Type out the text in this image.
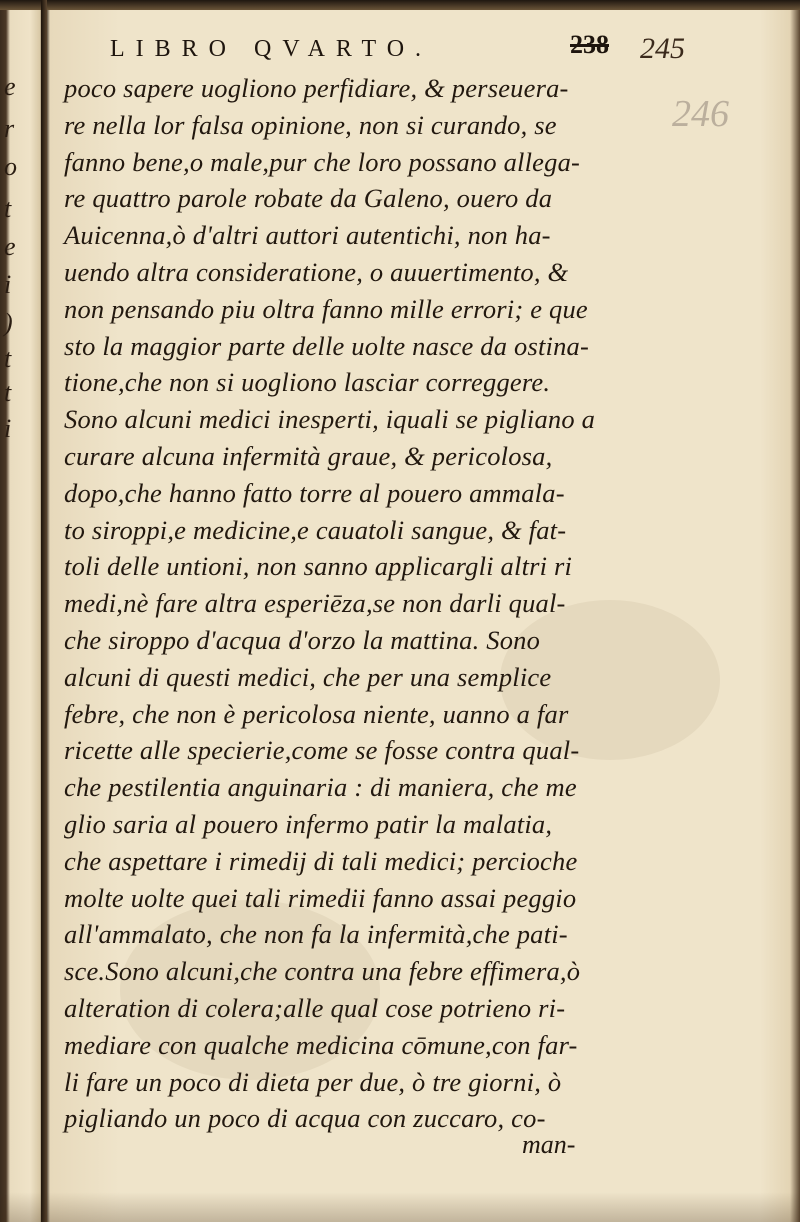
e
r
o
t
e
i
)
t
t
i
LIBRO QVARTO.	238 245
246
poco sapere uogliono perfidiare, & perseuera-
re nella lor falsa opinione, non si curando, se
fanno bene,o male,pur che loro possano allega-
re quattro parole robate da Galeno, ouero da
Auicenna,ò d'altri auttori autentichi, non ha-
uendo altra consideratione, o auuertimento, &
non pensando piu oltra fanno mille errori; e que
sto la maggior parte delle uolte nasce da ostina-
tione,che non si uogliono lasciar correggere.
Sono alcuni medici inesperti, iquali se pigliano a
curare alcuna infermità graue, & pericolosa,
dopo,che hanno fatto torre al pouero ammala-
to siroppi,e medicine,e cauatoli sangue, & fat-
toli delle untioni, non sanno applicargli altri ri
medi,nè fare altra esperiēza,se non darli qual-
che siroppo d'acqua d'orzo la mattina. Sono
alcuni di questi medici, che per una semplice
febre, che non è pericolosa niente, uanno a far
ricette alle specierie,come se fosse contra qual-
che pestilentia anguinaria : di maniera, che me
glio saria al pouero infermo patir la malatia,
che aspettare i rimedij di tali medici; percioche
molte uolte quei tali rimedii fanno assai peggio
all'ammalato, che non fa la infermità,che pati-
sce.Sono alcuni,che contra una febre effimera,ò
alteration di colera;alle qual cose potrieno ri-
mediare con qualche medicina cōmune,con far-
li fare un poco di dieta per due, ò tre giorni, ò
pigliando un poco di acqua con zuccaro, co-
man-
